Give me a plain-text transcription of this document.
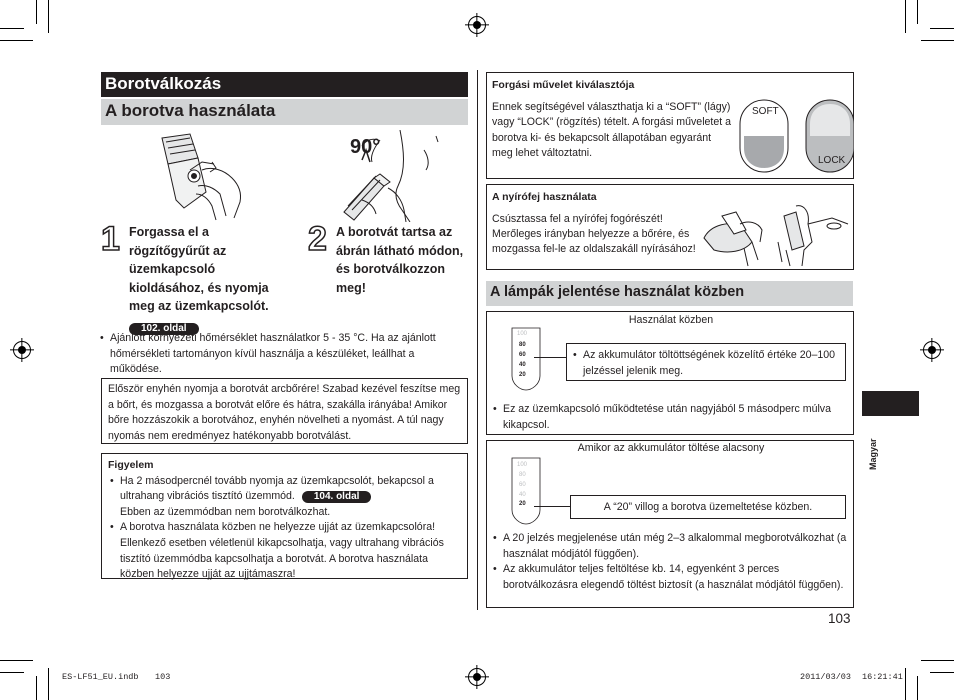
Borotválkozás
A borotva használata
90°
1 Forgassa el a rögzítőgyűrűt az üzemkapcsoló kioldásához, és nyomja meg az üzemkapcsolót.
102. oldal
2 A borotvát tartsa az ábrán látható módon, és borotválkozzon meg!
• Ajánlott környezeti hőmérséklet használatkor 5 - 35 °C. Ha az ajánlott hőmérsékleti tartományon kívül használja a készüléket, leállhat a működése.
Először enyhén nyomja a borotvát arcbőrére! Szabad kezével feszítse meg a bőrt, és mozgassa a borotvát előre és hátra, szakálla irányába! Amikor bőre hozzászokik a borotvához, enyhén növelheti a nyomást. A túl nagy nyomás nem eredményez hatékonyabb borotválást.
Figyelem
• Ha 2 másodpercnél tovább nyomja az üzemkapcsolót, bekapcsol a ultrahang vibrációs tisztító üzemmód. 104. oldal
Ebben az üzemmódban nem borotválkozhat.
• A borotva használata közben ne helyezze ujját az üzemkapcsolóra! Ellenkező esetben véletlenül kikapcsolhatja, vagy ultrahang vibrációs tisztító üzemmódba kapcsolhatja a borotvát. A borotva használata közben helyezze ujját az ujjtámaszra!
Forgási művelet kiválasztója
Ennek segítségével választhatja ki a “SOFT” (lágy) vagy “LOCK” (rögzítés) tételt. A forgási műveletet a borotva ki- és bekapcsolt állapotában egyaránt meg lehet változtatni.
SOFT
LOCK
A nyírófej használata
Csúsztassa fel a nyírófej fogórészét! Merőleges irányban helyezze a bőrére, és mozgassa fel-le az oldalszakáll nyírásához!
A lámpák jelentése használat közben
Használat közben
• Ez az üzemkapcsoló működtetése után nagyjából 5 másodperc múlva kikapcsol.
100
80
60
40
20
• Az akkumulátor töltöttségének közelítő értéke 20–100 jelzéssel jelenik meg.
Amikor az akkumulátor töltése alacsony
• A 20 jelzés megjelenése után még 2–3 alkalommal megborotválkozhat (a használat módjától függően).
• Az akkumulátor teljes feltöltése kb. 14, egyenként 3 perces borotválkozásra elegendő töltést biztosít (a használat módjától függően).
100
80
60
40
20	A “20” villog a borotva üzemeltetése közben.
103
Magyar
ES-LF51_EU.indb 103	2011/03/03 16:21:41
